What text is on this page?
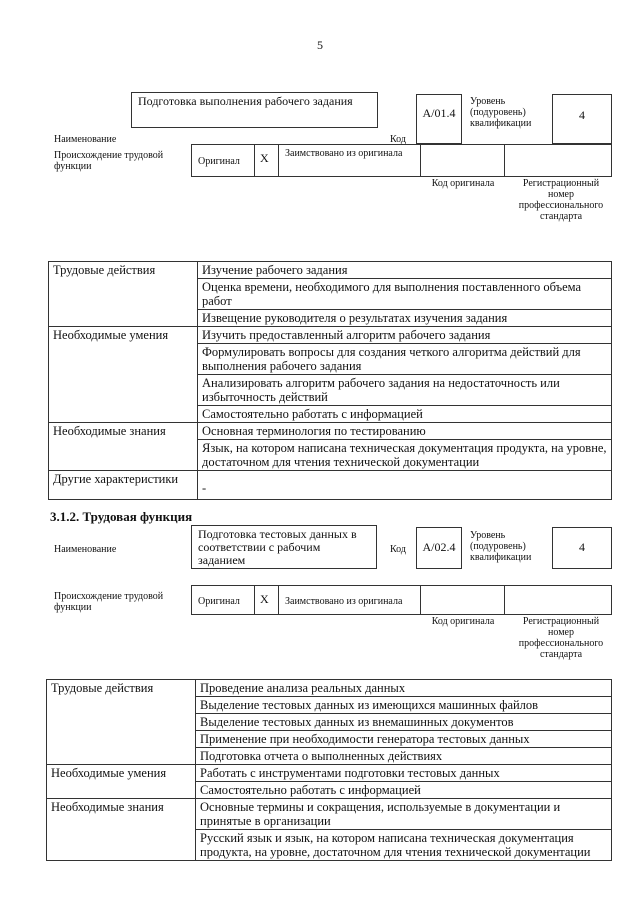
5
Наименование
Подготовка выполнения рабочего задания
Код
A/01.4
Уровень (подуровень) квалификации
4
Происхождение трудовой функции	Оригинал X Заимствовано из оригинала
Код оригинала	Регистрационный номер профессионального стандарта
Трудовые действия	Изучение рабочего задания
	Оценка времени, необходимого для выполнения поставленного объема работ
	Извещение руководителя о результатах изучения задания
Необходимые умения	Изучить предоставленный алгоритм рабочего задания
	Формулировать вопросы для создания четкого алгоритма действий для выполнения рабочего задания
	Анализировать алгоритм рабочего задания на недостаточность или избыточность действий
	Самостоятельно работать с информацией
Необходимые знания	Основная терминология по тестированию
	Язык, на котором написана техническая документация продукта, на уровне, достаточном для чтения технической документации
Другие характеристики	-
3.1.2. Трудовая функция
Наименование
Подготовка тестовых данных в соответствии с рабочим заданием
Код	A/02.4
Уровень (подуровень) квалификации
4
Происхождение трудовой функции
Оригинал X Заимствовано из оригинала
Код оригинала	Регистрационный номер профессионального стандарта
Трудовые действия	Проведение анализа реальных данных
	Выделение тестовых данных из имеющихся машинных файлов
	Выделение тестовых данных из внемашинных документов
	Применение при необходимости генератора тестовых данных
	Подготовка отчета о выполненных действиях
Необходимые умения	Работать с инструментами подготовки тестовых данных
	Самостоятельно работать с информацией
Необходимые знания	Основные термины и сокращения, используемые в документации и принятые в организации
	Русский язык и язык, на котором написана техническая документация продукта, на уровне, достаточном для чтения технической документации
